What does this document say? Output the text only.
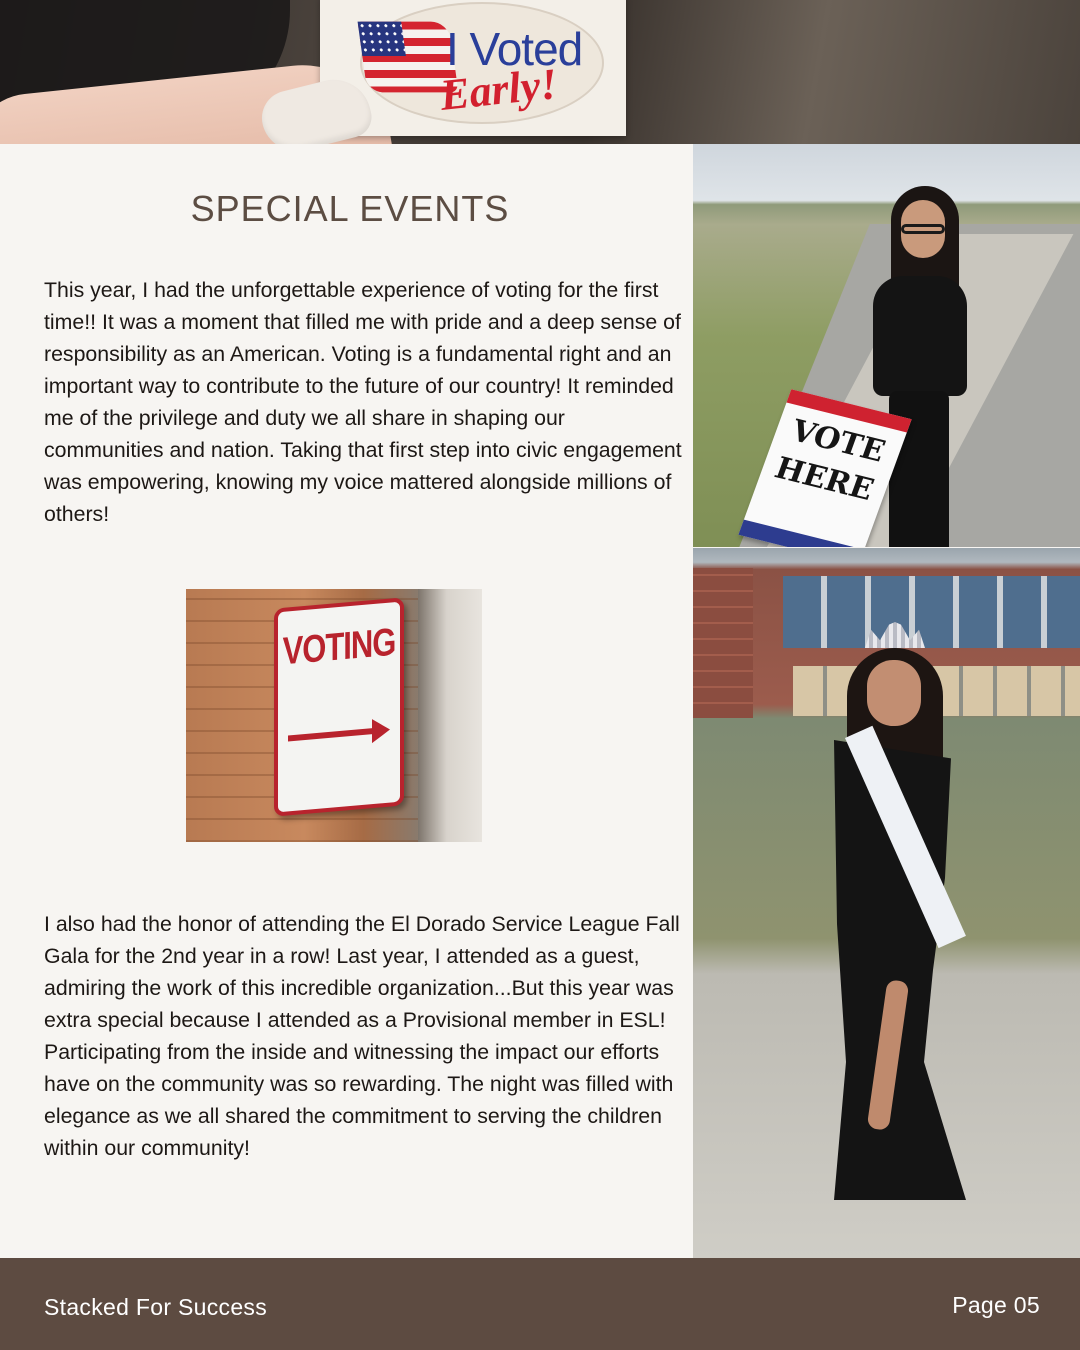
I Voted
Early!
SPECIAL EVENTS

This year, I had the unforgettable experience of voting for the first time!! It was a moment that filled me with pride and a deep sense of responsibility as an American. Voting is a fundamental right and an important way to contribute to the future of our country! It reminded me of the privilege and duty we all share in shaping our communities and nation. Taking that first step into civic engagement was empowering, knowing my voice mattered alongside millions of others!

VOTING

I also had the honor of attending the El Dorado Service League Fall Gala for the 2nd year in a row! Last year, I attended as a guest, admiring the work of this incredible organization...But this year was extra special because I attended as a Provisional member in ESL! Participating from the inside and witnessing the impact our efforts have on the community was so rewarding. The night was filled with elegance as we all shared the commitment to serving the children within our community!

VOTE
HERE
Stacked For Success	Page 05
